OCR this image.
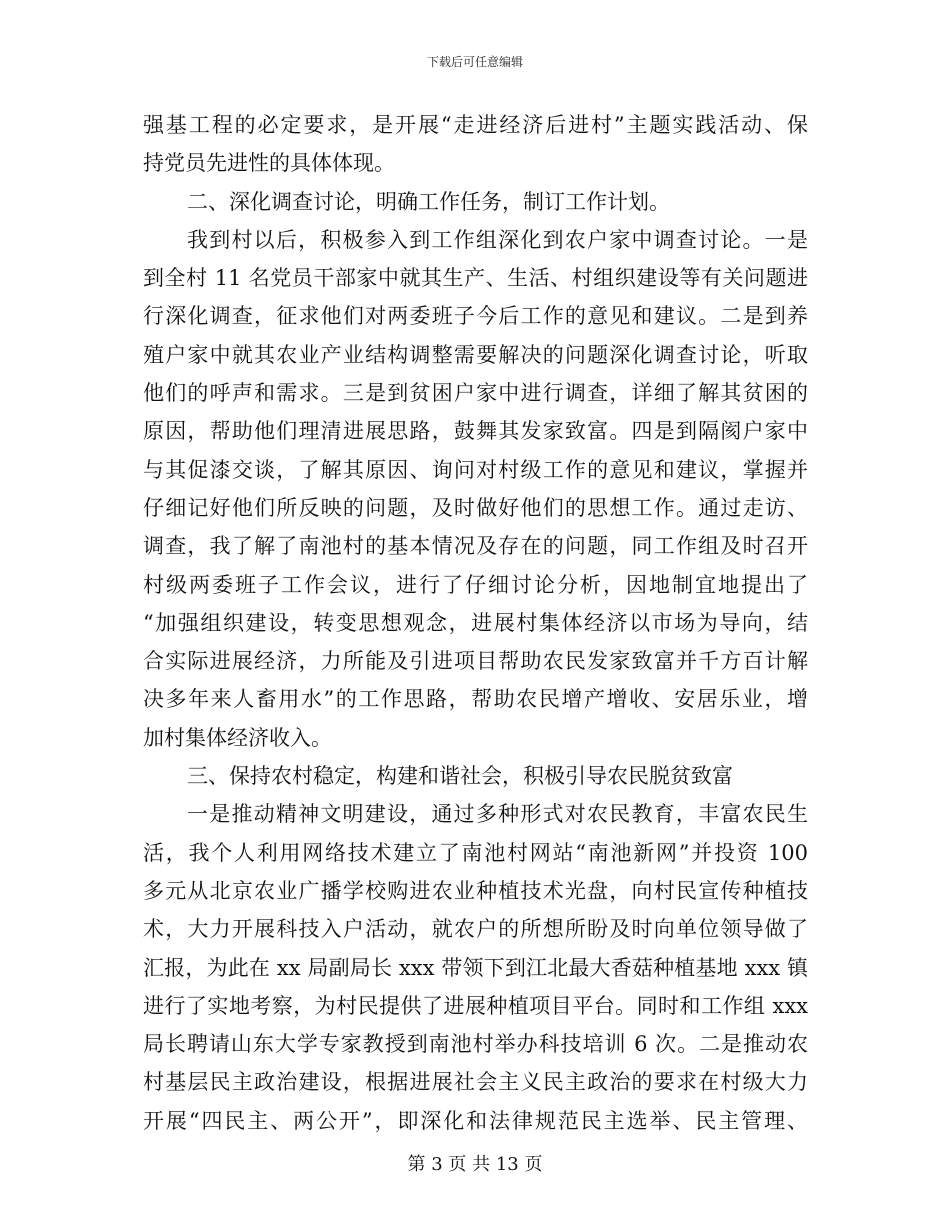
下载后可任意编辑
强基工程的必定要求，是开展“走进经济后进村”主题实践活动、保
持党员先进性的具体体现。
二、深化调查讨论，明确工作任务，制订工作计划。
我到村以后，积极参入到工作组深化到农户家中调查讨论。一是
到全村 11 名党员干部家中就其生产、生活、村组织建设等有关问题进
行深化调查，征求他们对两委班子今后工作的意见和建议。二是到养
殖户家中就其农业产业结构调整需要解决的问题深化调查讨论，听取
他们的呼声和需求。三是到贫困户家中进行调查，详细了解其贫困的
原因，帮助他们理清进展思路，鼓舞其发家致富。四是到隔阂户家中
与其促漆交谈，了解其原因、询问对村级工作的意见和建议，掌握并
仔细记好他们所反映的问题，及时做好他们的思想工作。通过走访、
调查，我了解了南池村的基本情况及存在的问题，同工作组及时召开
村级两委班子工作会议，进行了仔细讨论分析，因地制宜地提出了
“加强组织建设，转变思想观念，进展村集体经济以市场为导向，结
合实际进展经济，力所能及引进项目帮助农民发家致富并千方百计解
决多年来人畜用水”的工作思路，帮助农民增产增收、安居乐业，增
加村集体经济收入。
三、保持农村稳定，构建和谐社会，积极引导农民脱贫致富
一是推动精神文明建设，通过多种形式对农民教育，丰富农民生
活，我个人利用网络技术建立了南池村网站“南池新网”并投资 100
多元从北京农业广播学校购进农业种植技术光盘，向村民宣传种植技
术，大力开展科技入户活动，就农户的所想所盼及时向单位领导做了
汇报，为此在 xx 局副局长 xxx 带领下到江北最大香菇种植基地 xxx 镇
进行了实地考察，为村民提供了进展种植项目平台。同时和工作组 xxx
局长聘请山东大学专家教授到南池村举办科技培训 6 次。二是推动农
村基层民主政治建设，根据进展社会主义民主政治的要求在村级大力
开展“四民主、两公开”，即深化和法律规范民主选举、民主管理、
第 3 页 共 13 页
